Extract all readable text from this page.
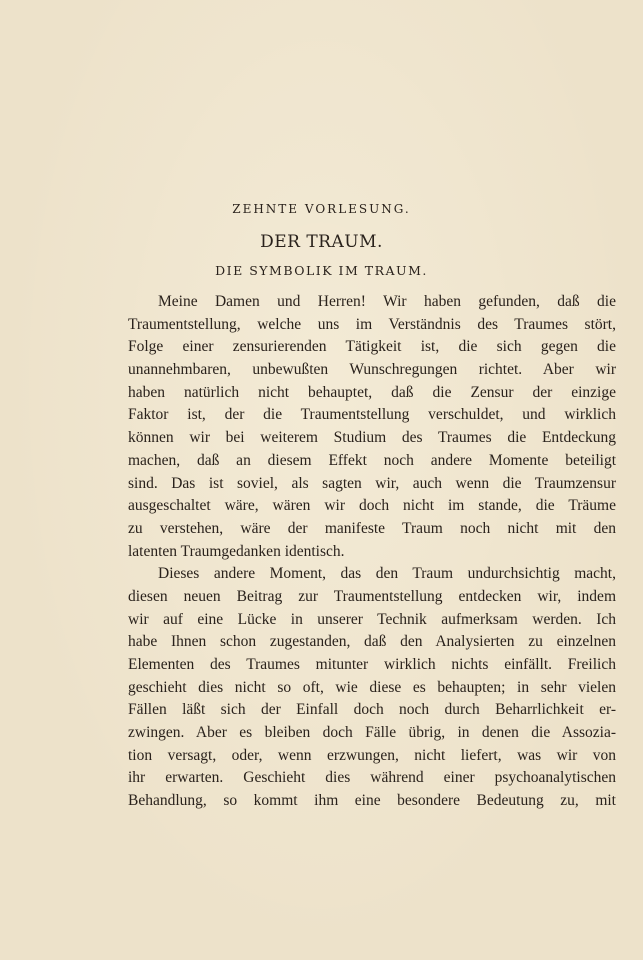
ZEHNTE VORLESUNG.
DER TRAUM.
DIE SYMBOLIK IM TRAUM.
Meine Damen und Herren! Wir haben gefunden, daß die
Traumentstellung, welche uns im Verständnis des Traumes stört,
Folge einer zensurierenden Tätigkeit ist, die sich gegen die
unannehmbaren, unbewußten Wunschregungen richtet. Aber wir
haben natürlich nicht behauptet, daß die Zensur der einzige
Faktor ist, der die Traumentstellung verschuldet, und wirklich
können wir bei weiterem Studium des Traumes die Entdeckung
machen, daß an diesem Effekt noch andere Momente beteiligt
sind. Das ist soviel, als sagten wir, auch wenn die Traumzensur
ausgeschaltet wäre, wären wir doch nicht im stande, die Träume
zu verstehen, wäre der manifeste Traum noch nicht mit den
latenten Traumgedanken identisch.
Dieses andere Moment, das den Traum undurchsichtig macht,
diesen neuen Beitrag zur Traumentstellung entdecken wir, indem
wir auf eine Lücke in unserer Technik aufmerksam werden. Ich
habe Ihnen schon zugestanden, daß den Analysierten zu einzelnen
Elementen des Traumes mitunter wirklich nichts einfällt. Freilich
geschieht dies nicht so oft, wie diese es behaupten; in sehr vielen
Fällen läßt sich der Einfall doch noch durch Beharrlichkeit er-
zwingen. Aber es bleiben doch Fälle übrig, in denen die Assozia-
tion versagt, oder, wenn erzwungen, nicht liefert, was wir von
ihr erwarten. Geschieht dies während einer psychoanalytischen
Behandlung, so kommt ihm eine besondere Bedeutung zu, mit
